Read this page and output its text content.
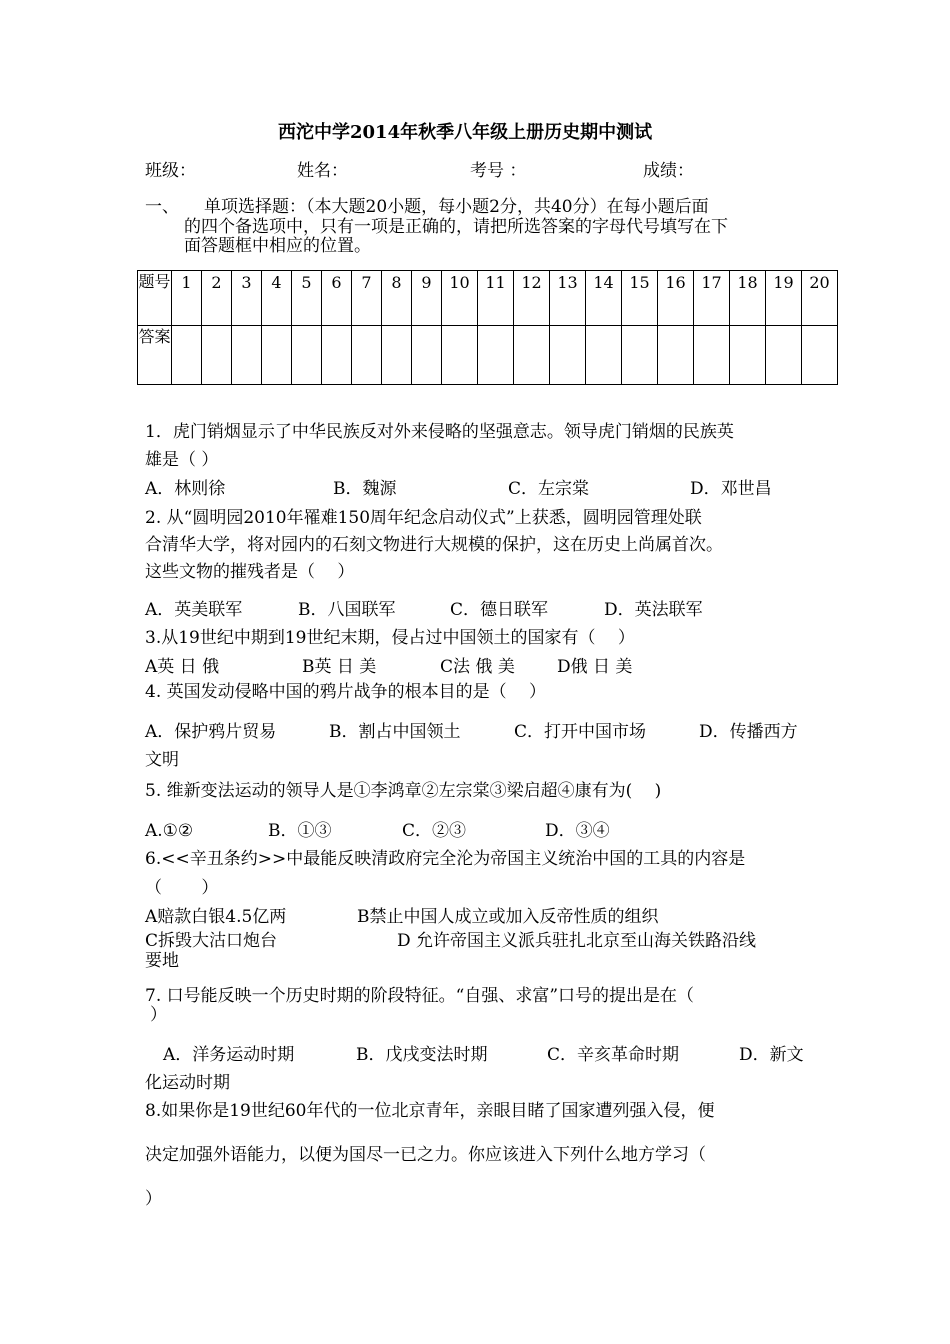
西沱中学2014年秋季八年级上册历史期中测试
班级：	姓名：	考号 ：	成绩：
一、 单项选择题：（本大题20小题，每小题2分，共40分）在每小题后面
的四个备选项中，只有一项是正确的，请把所选答案的字母代号填写在下
面答题框中相应的位置。
题号	1	2	3	4	5	6	7	8	9	10	11	12	13	14	15	16	17	18	19	20
答案																				
1．虎门销烟显示了中华民族反对外来侵略的坚强意志。领导虎门销烟的民族英
雄是（ ）
A．林则徐	B．魏源	C．左宗棠	D．邓世昌
2. 从“圆明园2010年罹难150周年纪念启动仪式”上获悉，圆明园管理处联
合清华大学，将对园内的石刻文物进行大规模的保护，这在历史上尚属首次。
这些文物的摧残者是（　 ）
A．英美联军	B．八国联军	C．德日联军	D．英法联军
3.从19世纪中期到19世纪末期，侵占过中国领土的国家有（　 ）
A英 日 俄	B英 日 美	C法 俄 美 D俄 日 美
4. 英国发动侵略中国的鸦片战争的根本目的是（　 ）
A．保护鸦片贸易	B．割占中国领土	C．打开中国市场	D．传播西方
文明
5. 维新变法运动的领导人是①李鸿章②左宗棠③梁启超④康有为(　 )
A.①②	B．①③	C．②③	D．③④
6.<<辛丑条约>>中最能反映清政府完全沦为帝国主义统治中国的工具的内容是
（　　 ）
A赔款白银4.5亿两	B禁止中国人成立或加入反帝性质的组织
C拆毁大沽口炮台	D 允许帝国主义派兵驻扎北京至山海关铁路沿线
要地
7. 口号能反映一个历史时期的阶段特征。“自强、求富”口号的提出是在（
）
A．洋务运动时期	B．戊戌变法时期	C．辛亥革命时期	D．新文
化运动时期
8.如果你是19世纪60年代的一位北京青年，亲眼目睹了国家遭列强入侵，便
决定加强外语能力，以便为国尽一已之力。你应该进入下列什么地方学习（
）
